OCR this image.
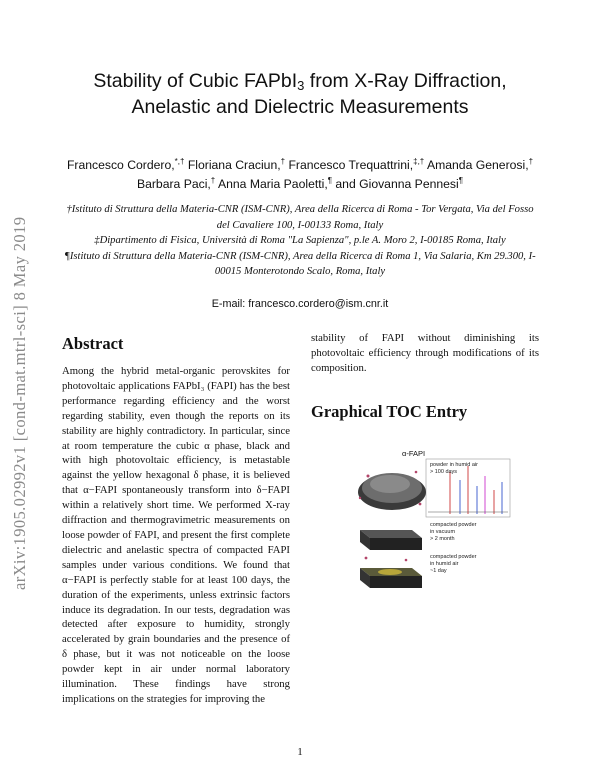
arXiv:1905.02992v1 [cond-mat.mtrl-sci] 8 May 2019
Stability of Cubic FAPbI$_3$ from X-Ray Diffraction, Anelastic and Dielectric Measurements
Francesco Cordero,*,† Floriana Craciun,† Francesco Trequattrini,‡,† Amanda Generosi,† Barbara Paci,† Anna Maria Paoletti,¶ and Giovanna Pennesi¶

†Istituto di Struttura della Materia-CNR (ISM-CNR), Area della Ricerca di Roma - Tor Vergata, Via del Fosso del Cavaliere 100, I-00133 Roma, Italy

‡Dipartimento di Fisica, Università di Roma "La Sapienza", p.le A. Moro 2, I-00185 Roma, Italy

¶Istituto di Struttura della Materia-CNR (ISM-CNR), Area della Ricerca di Roma 1, Via Salaria, Km 29.300, I-00015 Monterotondo Scalo, Roma, Italy

E-mail: francesco.cordero@ism.cnr.it
Abstract
Among the hybrid metal-organic perovskites for photovoltaic applications FAPbI₃ (FAPI) has the best performance regarding efficiency and the worst regarding stability, even though the reports on its stability are highly contradictory. In particular, since at room temperature the cubic α phase, black and with high photovoltaic efficiency, is metastable against the yellow hexagonal δ phase, it is believed that α−FAPI spontaneously transform into δ−FAPI within a relatively short time. We performed X-ray diffraction and thermogravimetric measurements on loose powder of FAPI, and present the first complete dielectric and anelastic spectra of compacted FAPI samples under various conditions. We found that α−FAPI is perfectly stable for at least 100 days, the duration of the experiments, unless extrinsic factors induce its degradation. In our tests, degradation was detected after exposure to humidity, strongly accelerated by grain boundaries and the presence of δ phase, but it was not noticeable on the loose powder kept in air under normal laboratory illumination. These findings have strong implications on the strategies for improving the
stability of FAPI without diminishing its photovoltaic efficiency through modifications of its composition.
Graphical TOC Entry
α-FAPI
powder in humid air
> 100 days
compacted powder
in vacuum
> 2 month
compacted powder
in humid air
~1 day
1
